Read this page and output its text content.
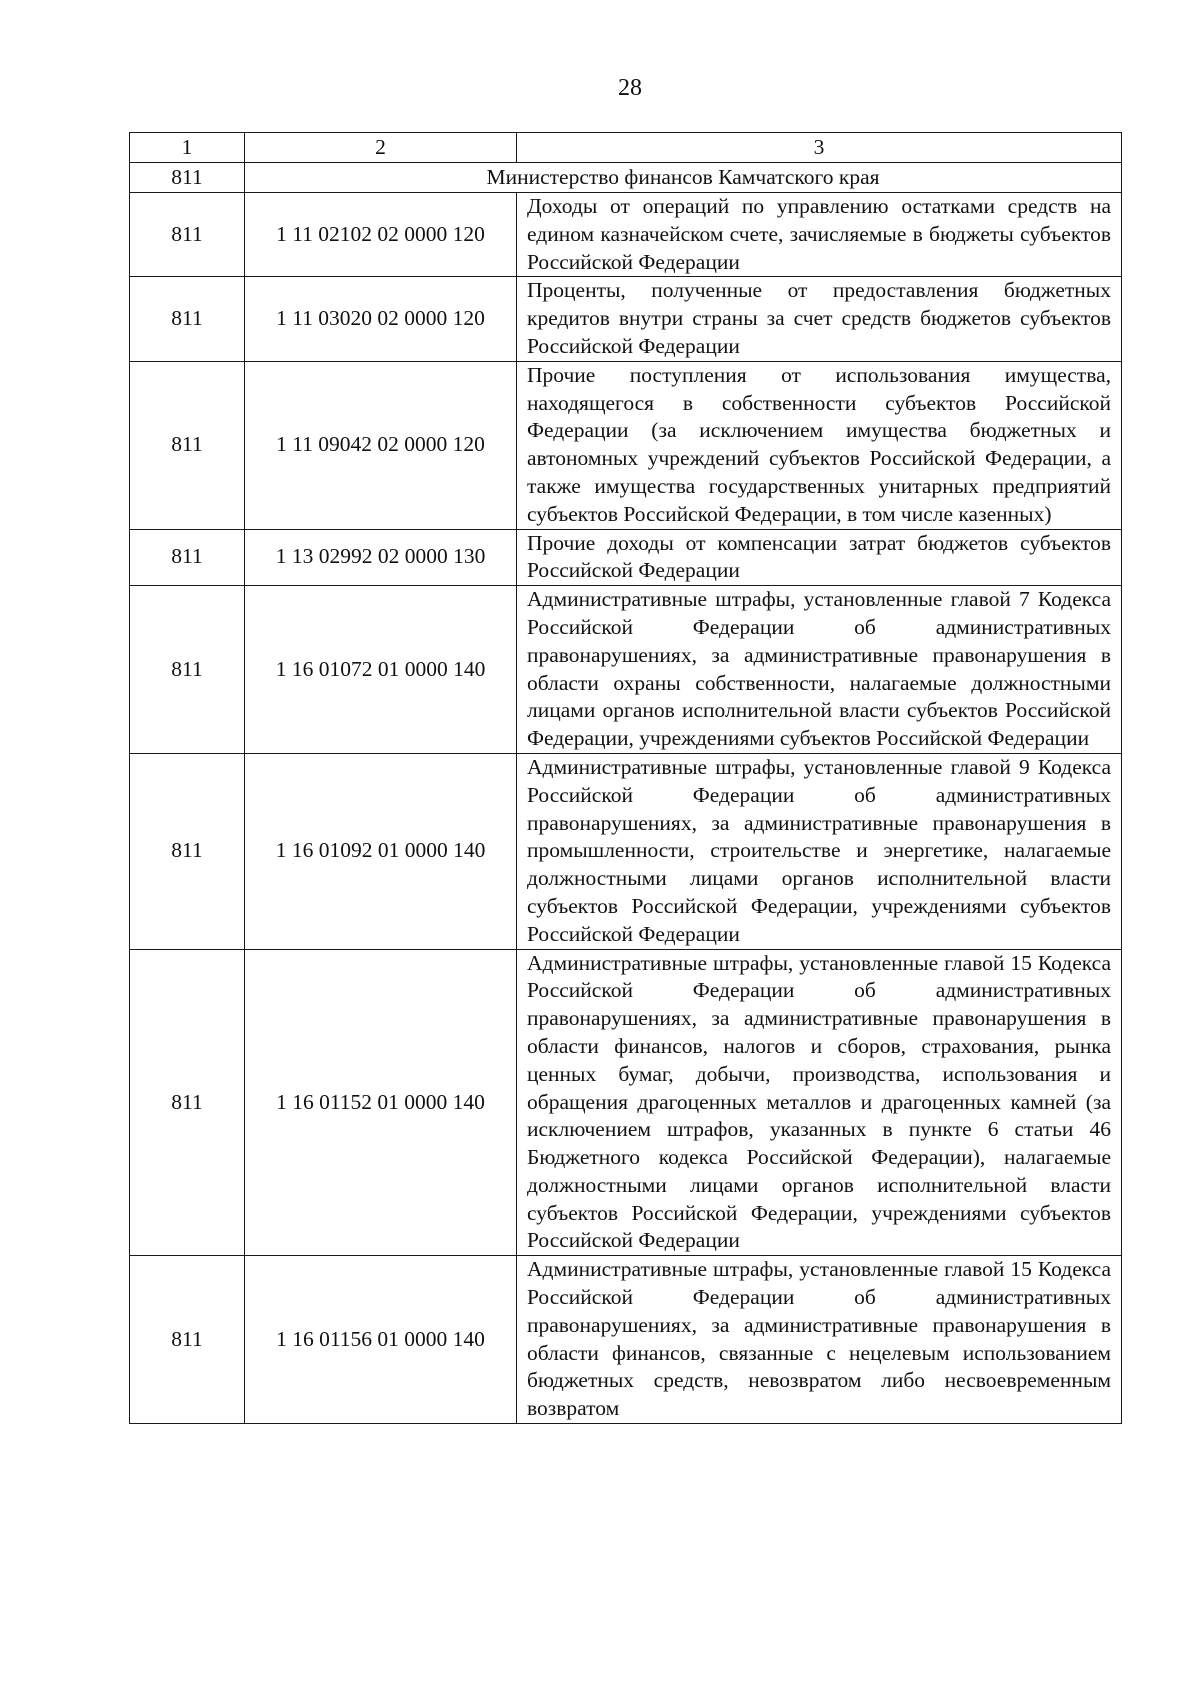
28
1	2	3
811	Министерство финансов Камчатского края	
811	1 11 02102 02 0000 120	Доходы от операций по управлению остатками средств на едином казначейском счете, зачисляемые в бюджеты субъектов Российской Федерации
811	1 11 03020 02 0000 120	Проценты, полученные от предоставления бюджетных кредитов внутри страны за счет средств бюджетов субъектов Российской Федерации
811	1 11 09042 02 0000 120	Прочие поступления от использования имущества, находящегося в собственности субъектов Российской Федерации (за исключением имущества бюджетных и автономных учреждений субъектов Российской Федерации, а также имущества государственных унитарных предприятий субъектов Российской Федерации, в том числе казенных)
811	1 13 02992 02 0000 130	Прочие доходы от компенсации затрат бюджетов субъектов Российской Федерации
811	1 16 01072 01 0000 140	Административные штрафы, установленные главой 7 Кодекса Российской Федерации об административных правонарушениях, за административные правонарушения в области охраны собственности, налагаемые должностными лицами органов исполнительной власти субъектов Российской Федерации, учреждениями субъектов Российской Федерации
811	1 16 01092 01 0000 140	Административные штрафы, установленные главой 9 Кодекса Российской Федерации об административных правонарушениях, за административные правонарушения в промышленности, строительстве и энергетике, налагаемые должностными лицами органов исполнительной власти субъектов Российской Федерации, учреждениями субъектов Российской Федерации
811	1 16 01152 01 0000 140	Административные штрафы, установленные главой 15 Кодекса Российской Федерации об административных правонарушениях, за административные правонарушения в области финансов, налогов и сборов, страхования, рынка ценных бумаг, добычи, производства, использования и обращения драгоценных металлов и драгоценных камней (за исключением штрафов, указанных в пункте 6 статьи 46 Бюджетного кодекса Российской Федерации), налагаемые должностными лицами органов исполнительной власти субъектов Российской Федерации, учреждениями субъектов Российской Федерации
811	1 16 01156 01 0000 140	Административные штрафы, установленные главой 15 Кодекса Российской Федерации об административных правонарушениях, за административные правонарушения в области финансов, связанные с нецелевым использованием бюджетных средств, невозвратом либо несвоевременным возвратом
